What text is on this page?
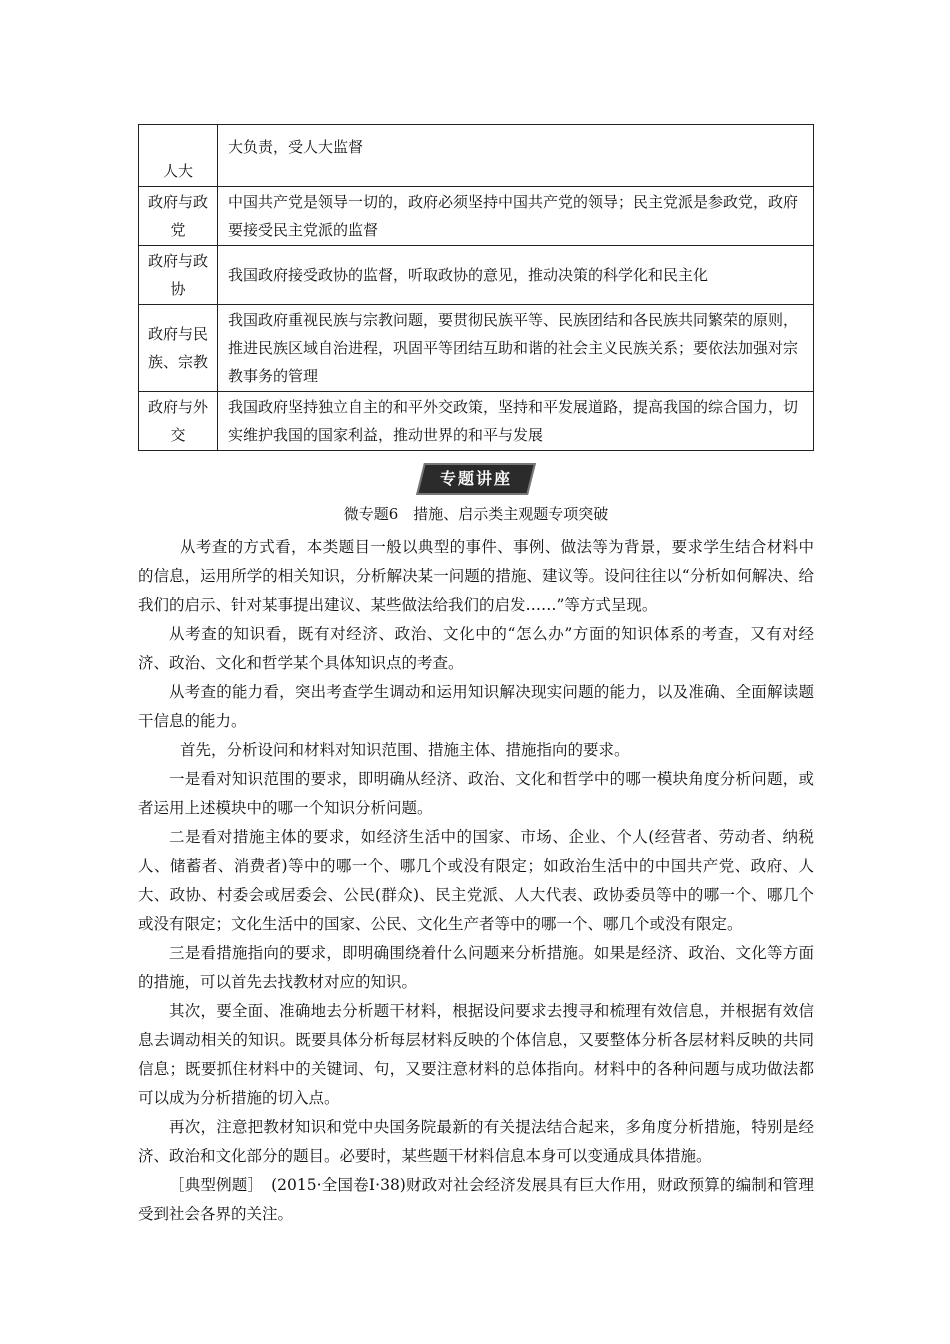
人大	大负责，受人大监督
政府与政党	中国共产党是领导一切的，政府必须坚持中国共产党的领导；民主党派是参政党，政府要接受民主党派的监督
政府与政协	我国政府接受政协的监督，听取政协的意见，推动决策的科学化和民主化
政府与民族、宗教	我国政府重视民族与宗教问题，要贯彻民族平等、民族团结和各民族共同繁荣的原则，推进民族区域自治进程，巩固平等团结互助和谐的社会主义民族关系；要依法加强对宗教事务的管理
政府与外交	我国政府坚持独立自主的和平外交政策，坚持和平发展道路，提高我国的综合国力，切实维护我国的国家利益，推动世界的和平与发展
专题讲座
微专题6　措施、启示类主观题专项突破

从考查的方式看，本类题目一般以典型的事件、事例、做法等为背景，要求学生结合材料中的信息，运用所学的相关知识，分析解决某一问题的措施、建议等。设问往往以“分析如何解决、给我们的启示、针对某事提出建议、某些做法给我们的启发……”等方式呈现。

从考查的知识看，既有对经济、政治、文化中的“怎么办”方面的知识体系的考查，又有对经济、政治、文化和哲学某个具体知识点的考查。

从考查的能力看，突出考查学生调动和运用知识解决现实问题的能力，以及准确、全面解读题干信息的能力。

首先，分析设问和材料对知识范围、措施主体、措施指向的要求。

一是看对知识范围的要求，即明确从经济、政治、文化和哲学中的哪一模块角度分析问题，或者运用上述模块中的哪一个知识分析问题。

二是看对措施主体的要求，如经济生活中的国家、市场、企业、个人(经营者、劳动者、纳税人、储蓄者、消费者)等中的哪一个、哪几个或没有限定；如政治生活中的中国共产党、政府、人大、政协、村委会或居委会、公民(群众)、民主党派、人大代表、政协委员等中的哪一个、哪几个或没有限定；文化生活中的国家、公民、文化生产者等中的哪一个、哪几个或没有限定。

三是看措施指向的要求，即明确围绕着什么问题来分析措施。如果是经济、政治、文化等方面的措施，可以首先去找教材对应的知识。

其次，要全面、准确地去分析题干材料，根据设问要求去搜寻和梳理有效信息，并根据有效信息去调动相关的知识。既要具体分析每层材料反映的个体信息，又要整体分析各层材料反映的共同信息；既要抓住材料中的关键词、句，又要注意材料的总体指向。材料中的各种问题与成功做法都可以成为分析措施的切入点。

再次，注意把教材知识和党中央国务院最新的有关提法结合起来，多角度分析措施，特别是经济、政治和文化部分的题目。必要时，某些题干材料信息本身可以变通成具体措施。

［典型例题］　(2015·全国卷Ⅰ·38)财政对社会经济发展具有巨大作用，财政预算的编制和管理受到社会各界的关注。
